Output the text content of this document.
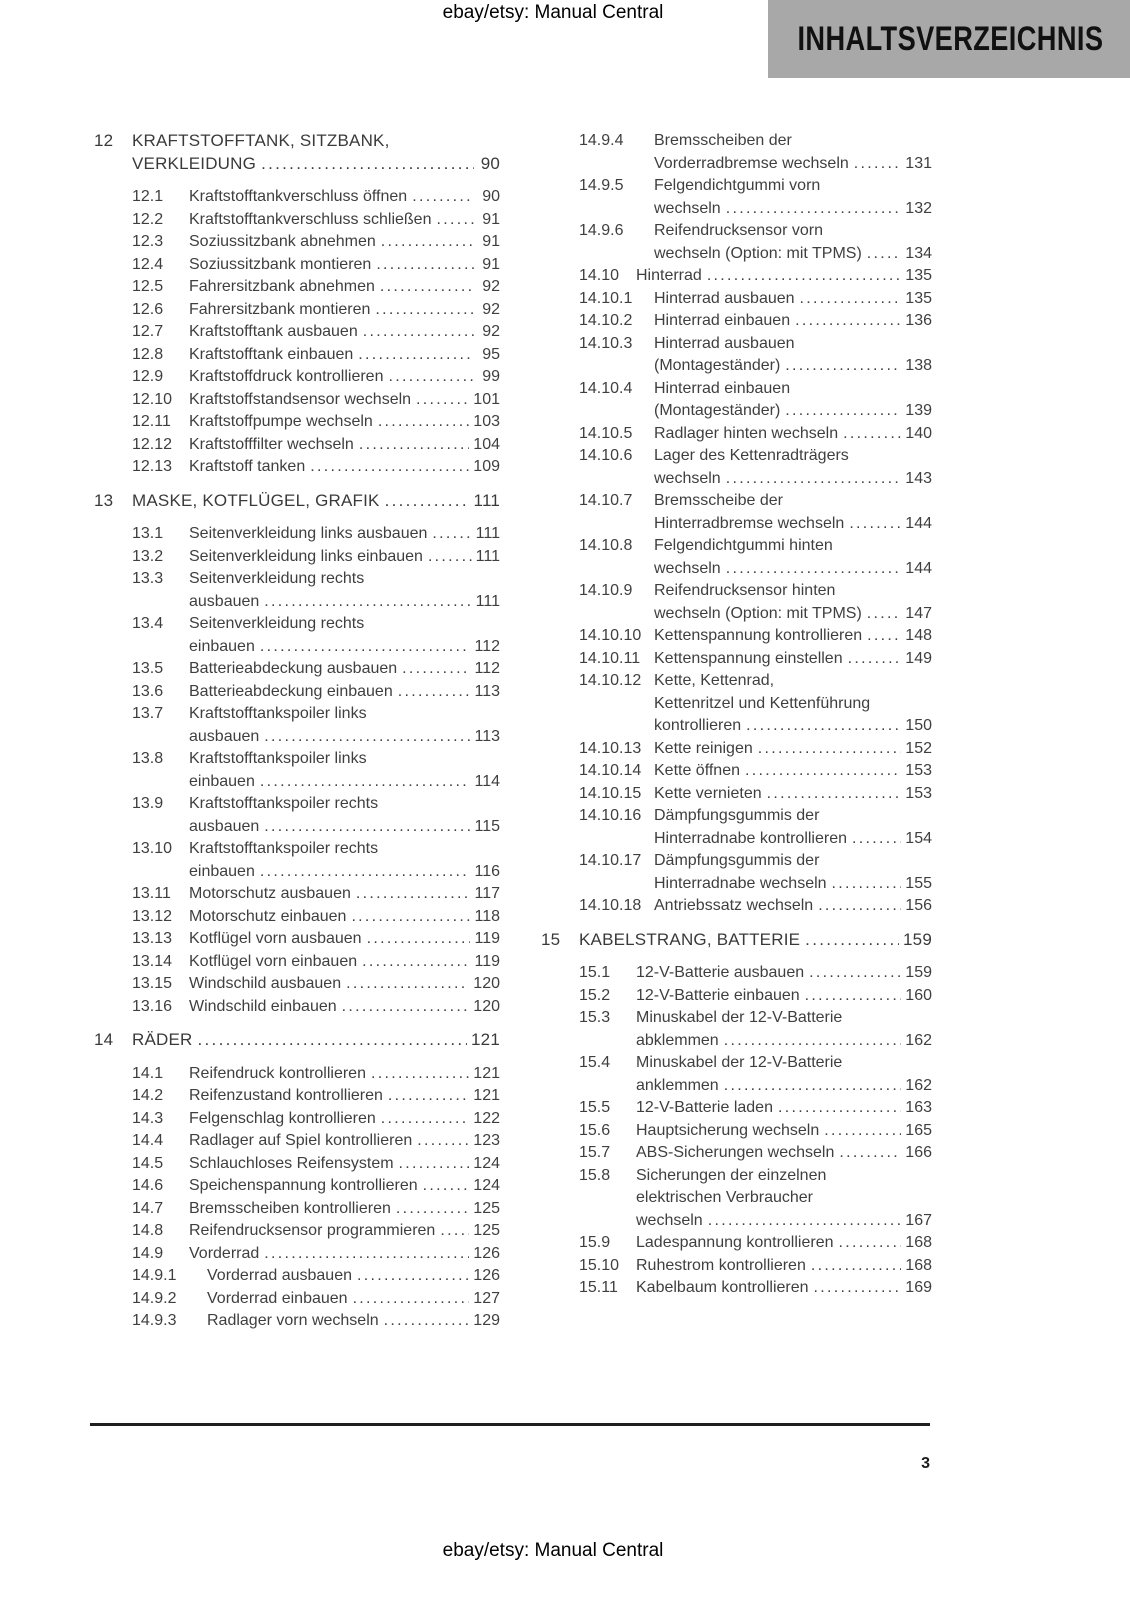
ebay/etsy: Manual Central
INHALTSVERZEICHNIS
12 KRAFTSTOFFTANK, SITZBANK,
VERKLEIDUNG .....	90
12.1 Kraftstofftankverschluss öffnen .....	90
12.2 Kraftstofftankverschluss schließen .....	91
12.3 Soziussitzbank abnehmen .....	91
12.4 Soziussitzbank montieren .....	91
12.5 Fahrersitzbank abnehmen .....	92
12.6 Fahrersitzbank montieren .....	92
12.7 Kraftstofftank ausbauen .....	92
12.8 Kraftstofftank einbauen .....	95
12.9 Kraftstoffdruck kontrollieren .....	99
12.10 Kraftstoffstandsensor wechseln .....	101
12.11 Kraftstoffpumpe wechseln .....	103
12.12 Kraftstofffilter wechseln .....	104
12.13 Kraftstoff tanken .....	109
13 MASKE, KOTFLÜGEL, GRAFIK .....	111
13.1 Seitenverkleidung links ausbauen .....	111
13.2 Seitenverkleidung links einbauen .....	111
13.3 Seitenverkleidung rechts
ausbauen .....	111
13.4 Seitenverkleidung rechts
einbauen .....	112
13.5 Batterieabdeckung ausbauen .....	112
13.6 Batterieabdeckung einbauen .....	113
13.7 Kraftstofftankspoiler links
ausbauen .....	113
13.8 Kraftstofftankspoiler links
einbauen .....	114
13.9 Kraftstofftankspoiler rechts
ausbauen .....	115
13.10 Kraftstofftankspoiler rechts
einbauen .....	116
13.11 Motorschutz ausbauen .....	117
13.12 Motorschutz einbauen .....	118
13.13 Kotflügel vorn ausbauen .....	119
13.14 Kotflügel vorn einbauen .....	119
13.15 Windschild ausbauen .....	120
13.16 Windschild einbauen .....	120
14 RÄDER .....	121
14.1 Reifendruck kontrollieren .....	121
14.2 Reifenzustand kontrollieren .....	121
14.3 Felgenschlag kontrollieren .....	122
14.4 Radlager auf Spiel kontrollieren .....	123
14.5 Schlauchloses Reifensystem .....	124
14.6 Speichenspannung kontrollieren .....	124
14.7 Bremsscheiben kontrollieren .....	125
14.8 Reifendrucksensor programmieren ..... 125
14.9 Vorderrad .....	126
14.9.1 Vorderrad ausbauen .....	126
14.9.2 Vorderrad einbauen .....	127
14.9.3 Radlager vorn wechseln .....	129
14.9.4 Bremsscheiben der
Vorderradbremse wechseln .....	131
14.9.5 Felgendichtgummi vorn
wechseln .....	132
14.9.6 Reifendrucksensor vorn
wechseln (Option: mit TPMS) .....	134
14.10 Hinterrad .....	135
14.10.1 Hinterrad ausbauen .....	135
14.10.2 Hinterrad einbauen .....	136
14.10.3 Hinterrad ausbauen
(Montageständer) .....	138
14.10.4 Hinterrad einbauen
(Montageständer) .....	139
14.10.5 Radlager hinten wechseln .....	140
14.10.6 Lager des Kettenradträgers
wechseln .....	143
14.10.7 Bremsscheibe der
Hinterradbremse wechseln .....	144
14.10.8 Felgendichtgummi hinten
wechseln .....	144
14.10.9 Reifendrucksensor hinten
wechseln (Option: mit TPMS) .....	147
14.10.10 Kettenspannung kontrollieren .....	148
14.10.11 Kettenspannung einstellen .....	149
14.10.12 Kette, Kettenrad,
Kettenritzel und Kettenführung
kontrollieren .....	150
14.10.13 Kette reinigen .....	152
14.10.14 Kette öffnen .....	153
14.10.15 Kette vernieten .....	153
14.10.16 Dämpfungsgummis der
Hinterradnabe kontrollieren .....	154
14.10.17 Dämpfungsgummis der
Hinterradnabe wechseln .....	155
14.10.18 Antriebssatz wechseln .....	156
15 KABELSTRANG, BATTERIE .....	159
15.1 12-V-Batterie ausbauen .....	159
15.2 12-V-Batterie einbauen .....	160
15.3 Minuskabel der 12-V-Batterie
abklemmen .....	162
15.4 Minuskabel der 12-V-Batterie
anklemmen .....	162
15.5 12-V-Batterie laden .....	163
15.6 Hauptsicherung wechseln .....	165
15.7 ABS-Sicherungen wechseln .....	166
15.8 Sicherungen der einzelnen
elektrischen Verbraucher
wechseln .....	167
15.9 Ladespannung kontrollieren .....	168
15.10 Ruhestrom kontrollieren .....	168
15.11 Kabelbaum kontrollieren .....	169
3
ebay/etsy: Manual Central
